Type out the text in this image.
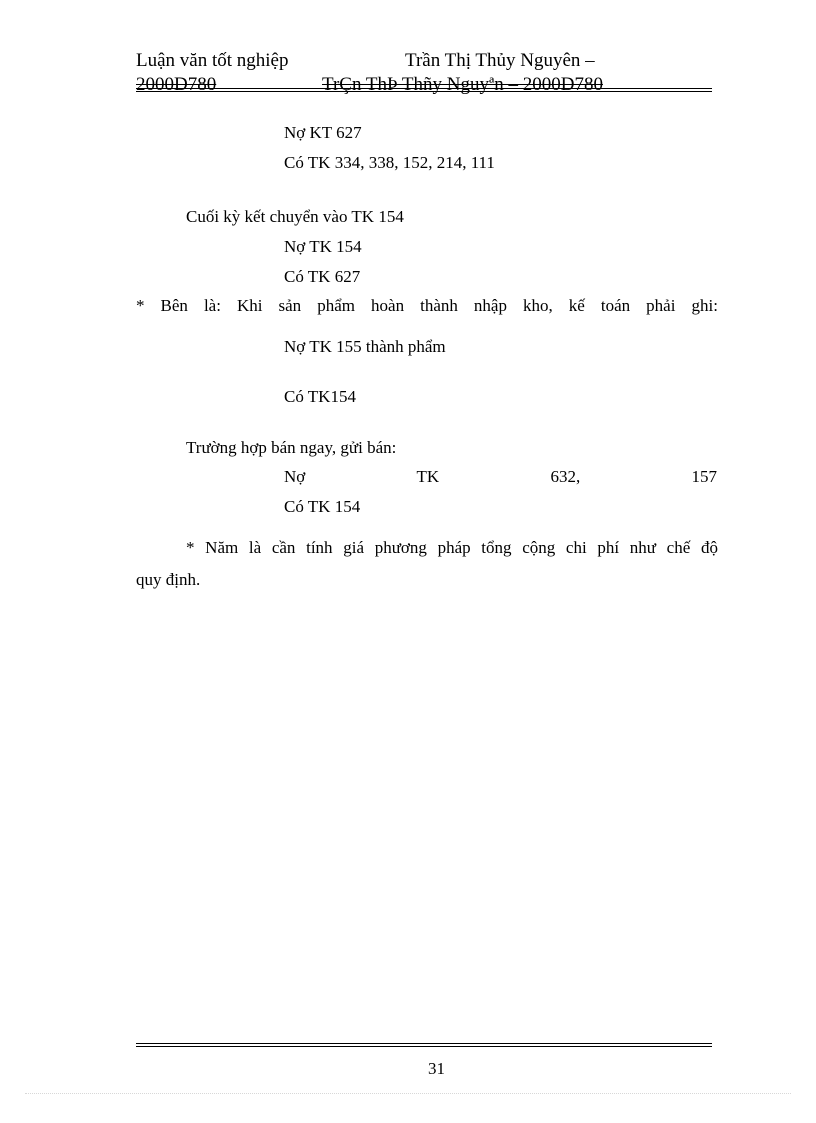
Luận văn tốt nghiệp	Trần Thị Thủy Nguyên –
2000D780	TrÇn ThÞ Thñy Nguyªn – 2000D780
Nợ KT 627
Có TK 334, 338, 152, 214, 111
Cuối kỳ kết chuyển vào TK 154
Nợ TK 154
Có TK 627
* Bên là: Khi sản phẩm hoàn thành nhập kho, kế toán phải ghi:
Nợ TK 155 thành phẩm
Có TK154
Trường hợp bán ngay, gửi bán:
Nợ	TK	632,	157
Có TK 154
* Năm là cần tính giá phương pháp tổng cộng chi phí như chế độ
quy định.
31
